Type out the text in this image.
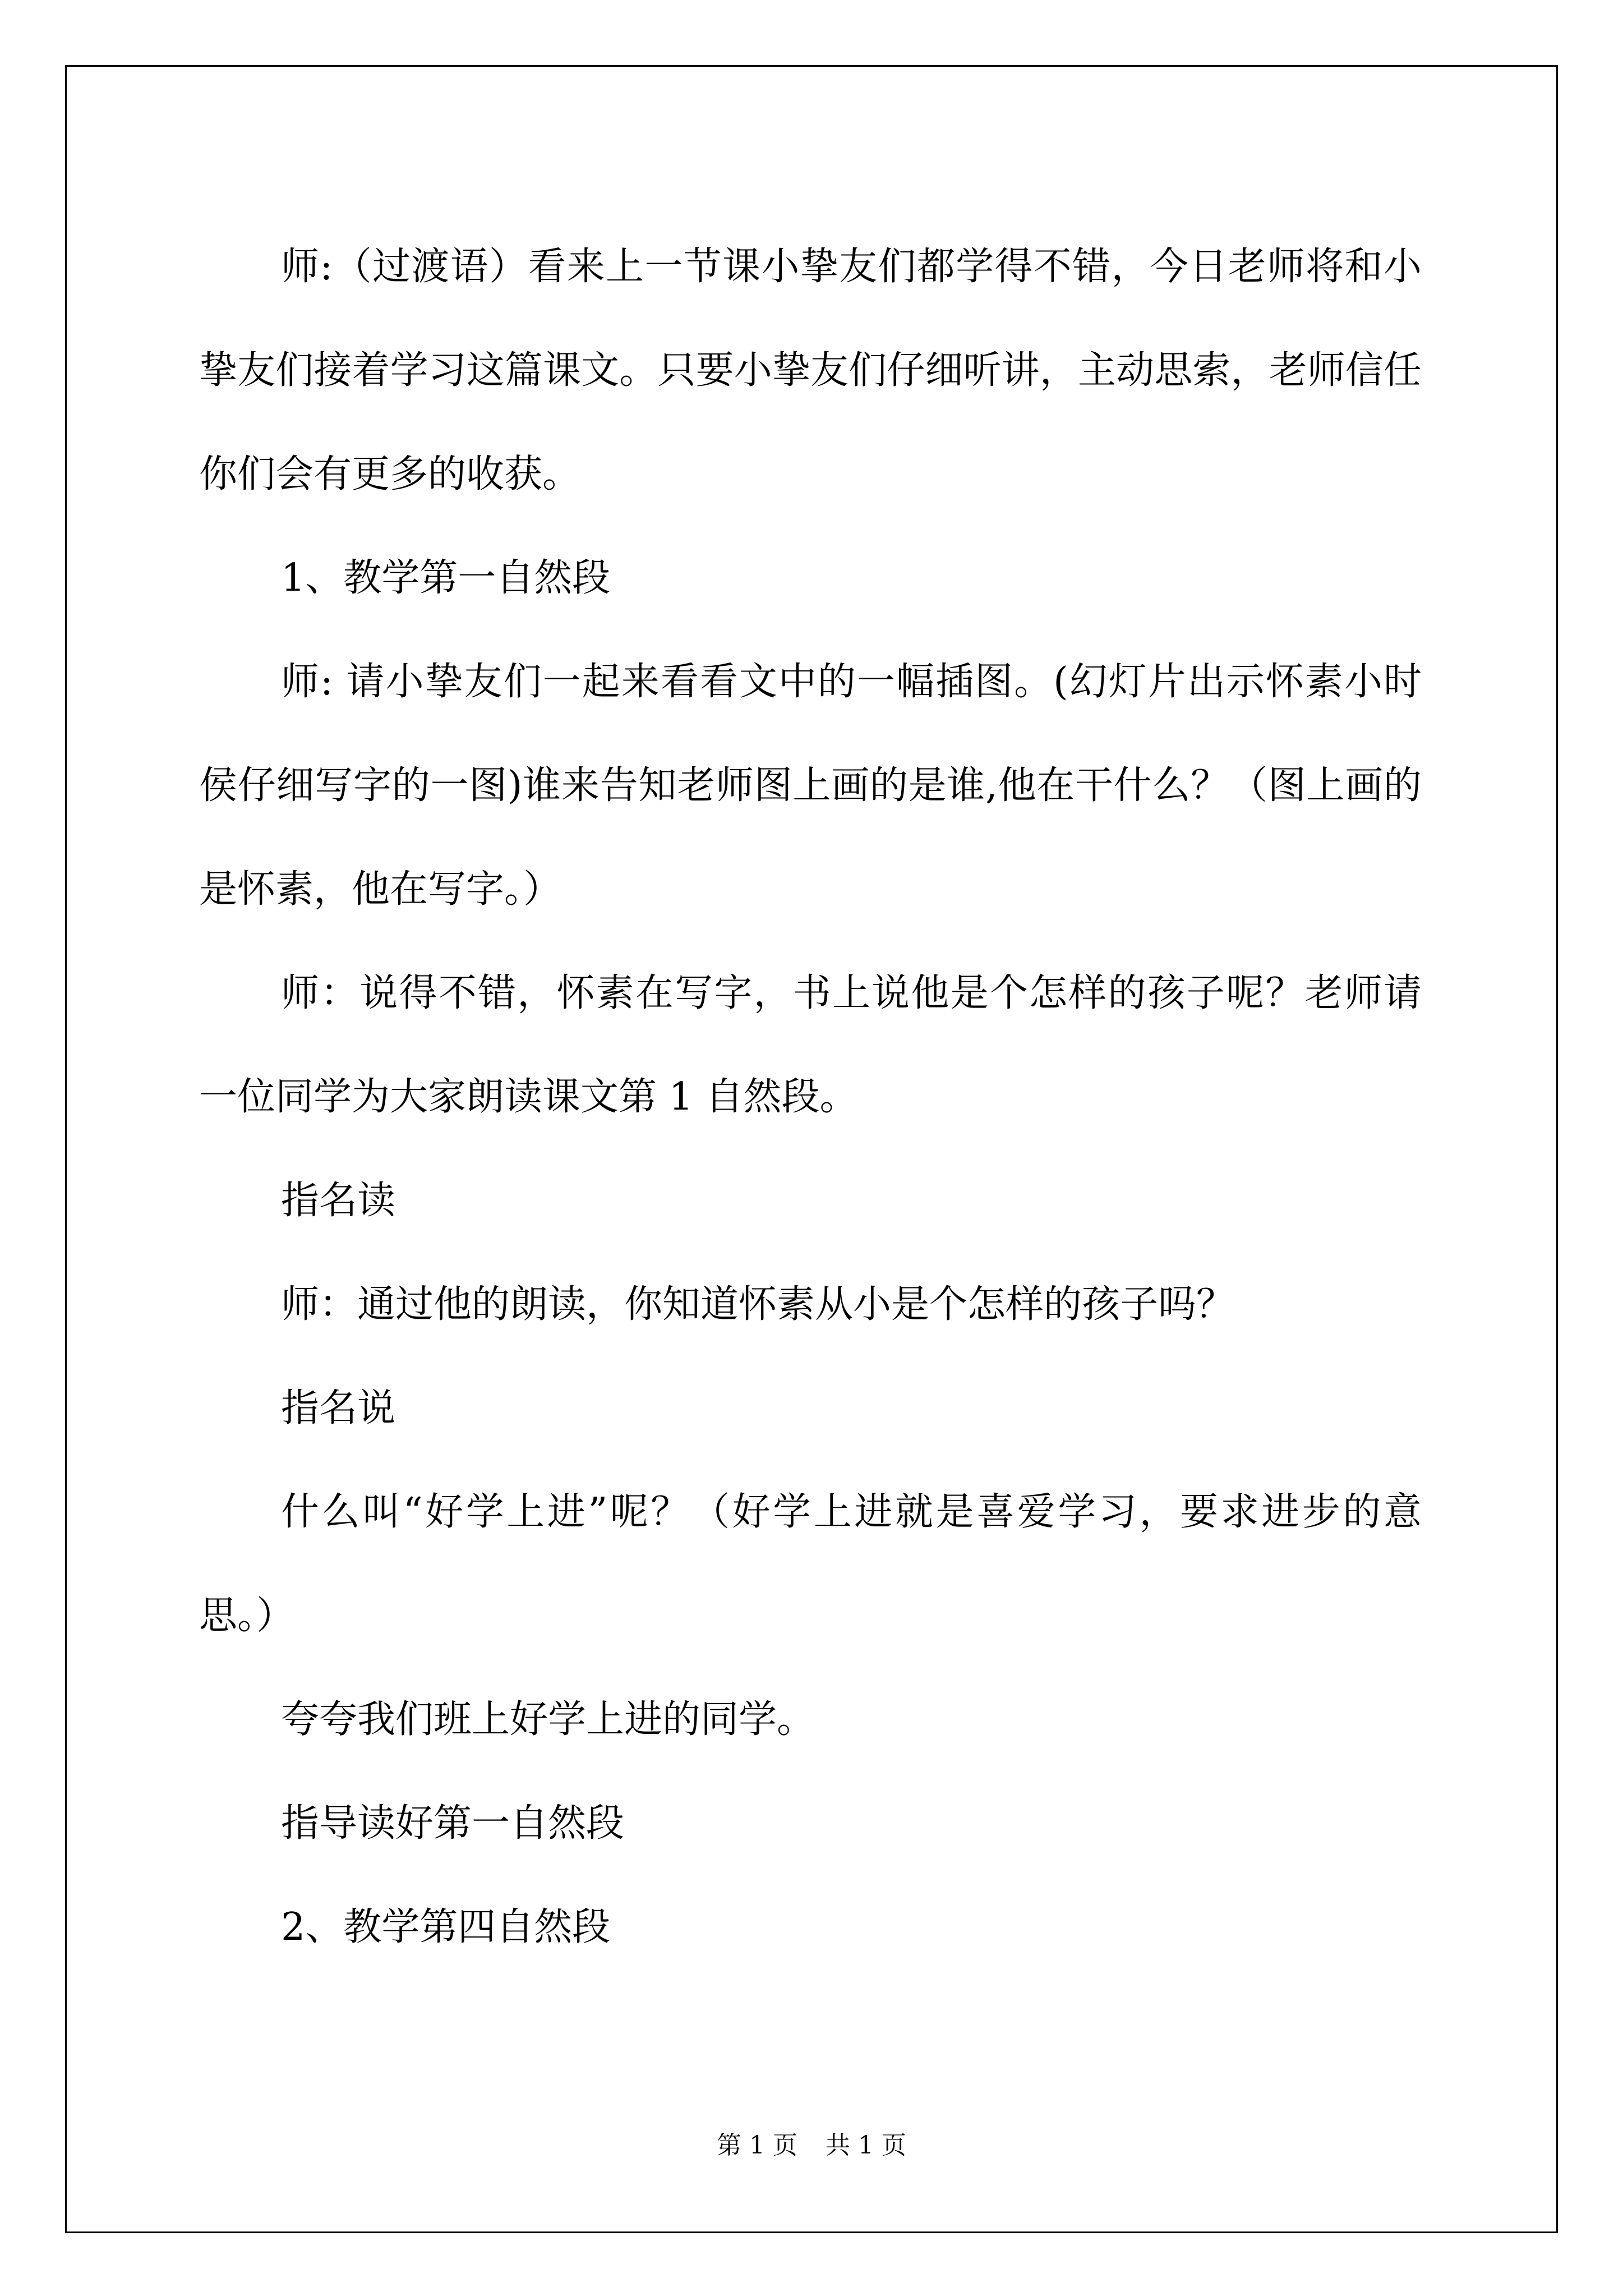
师:（过渡语）看来上一节课小挚友们都学得不错，今日老师将和小挚友们接着学习这篇课文。只要小挚友们仔细听讲，主动思索，老师信任你们会有更多的收获。

1、教学第一自然段

师: 请小挚友们一起来看看文中的一幅插图。(幻灯片出示怀素小时侯仔细写字的一图)谁来告知老师图上画的是谁,他在干什么？（图上画的是怀素，他在写字。）

师：说得不错，怀素在写字，书上说他是个怎样的孩子呢？老师请一位同学为大家朗读课文第 1 自然段。

指名读

师：通过他的朗读，你知道怀素从小是个怎样的孩子吗？

指名说

什么叫“好学上进”呢？（好学上进就是喜爱学习，要求进步的意思。）

夸夸我们班上好学上进的同学。

指导读好第一自然段

2、教学第四自然段

第 1 页 共 1 页
